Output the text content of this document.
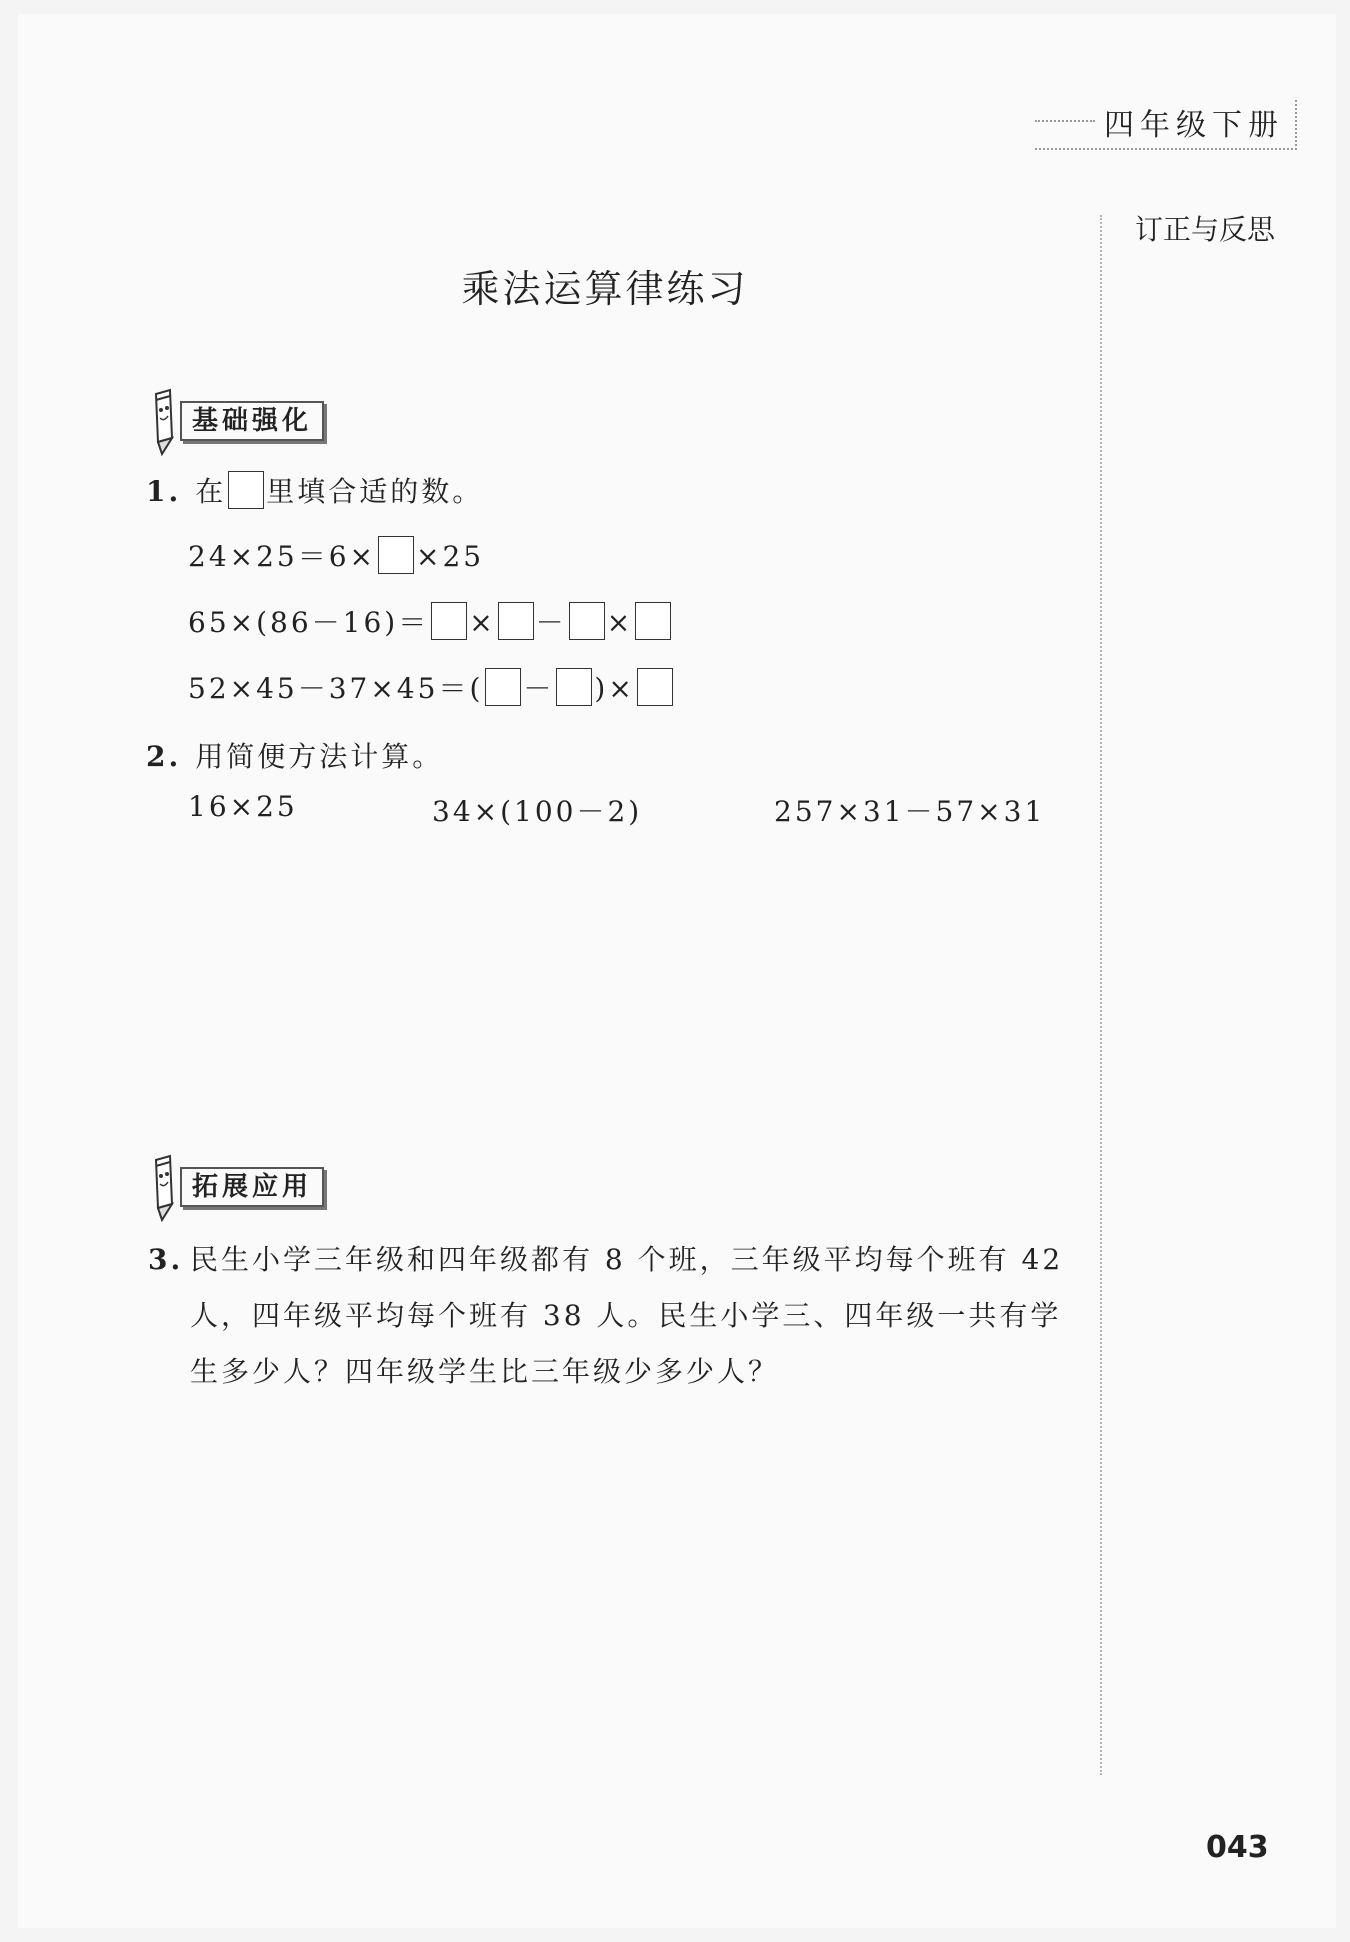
四年级下册
订正与反思
乘法运算律练习
基础强化
1. 在 里填合适的数。
24×25＝6× ×25
65×(86－16)＝ × － ×
52×45－37×45＝( － )×
2. 用简便方法计算。
16×25	34×(100－2)	257×31－57×31
拓展应用
3. 民生小学三年级和四年级都有 8 个班，三年级平均每个班有 42 人，四年级平均每个班有 38 人。民生小学三、四年级一共有学生多少人？四年级学生比三年级少多少人？
043
